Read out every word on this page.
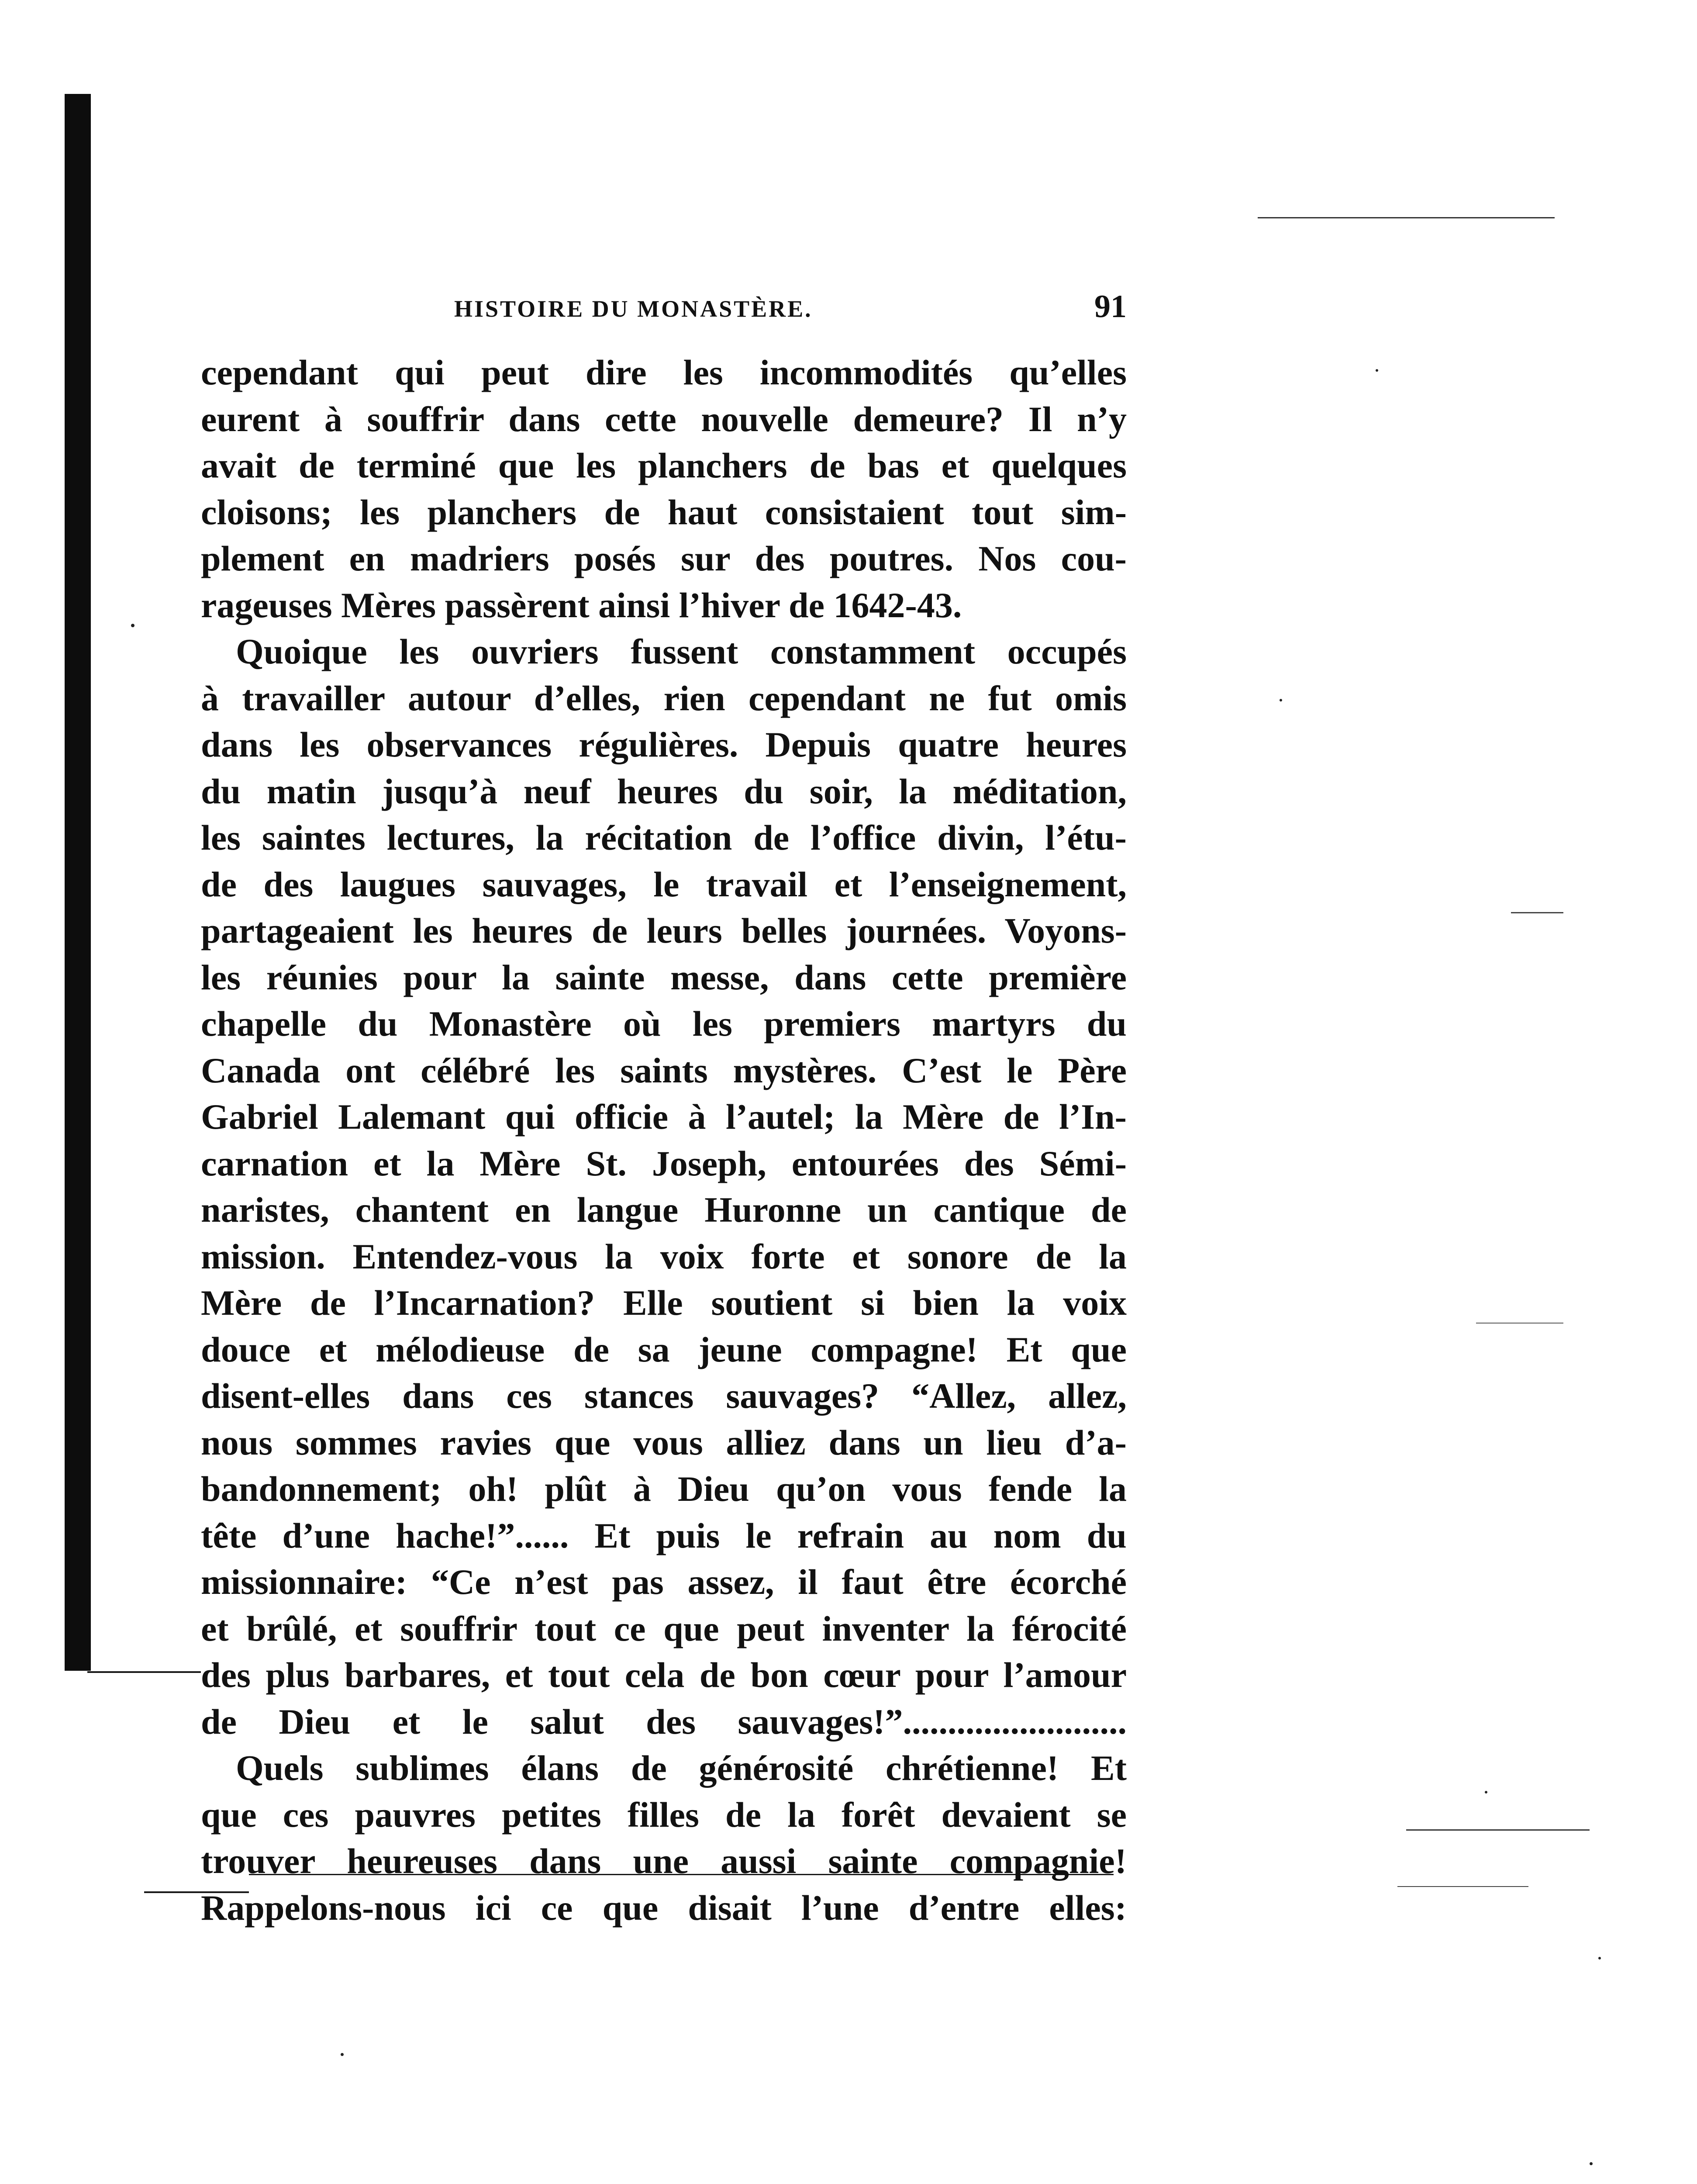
HISTOIRE DU MONASTÈRE.	91

cependant qui peut dire les incommodités qu’elles

eurent à souffrir dans cette nouvelle demeure? Il n’y

avait de terminé que les planchers de bas et quelques

cloisons; les planchers de haut consistaient tout sim-

plement en madriers posés sur des poutres. Nos cou-

rageuses Mères passèrent ainsi l’hiver de 1642-43.

Quoique les ouvriers fussent constamment occupés

à travailler autour d’elles, rien cependant ne fut omis

dans les observances régulières. Depuis quatre heures

du matin jusqu’à neuf heures du soir, la méditation,

les saintes lectures, la récitation de l’office divin, l’étu-

de des laugues sauvages, le travail et l’enseignement,

partageaient les heures de leurs belles journées. Voyons-

les réunies pour la sainte messe, dans cette première

chapelle du Monastère où les premiers martyrs du

Canada ont célébré les saints mystères. C’est le Père

Gabriel Lalemant qui officie à l’autel; la Mère de l’In-

carnation et la Mère St. Joseph, entourées des Sémi-

naristes, chantent en langue Huronne un cantique de

mission. Entendez-vous la voix forte et sonore de la

Mère de l’Incarnation? Elle soutient si bien la voix

douce et mélodieuse de sa jeune compagne! Et que

disent-elles dans ces stances sauvages? “Allez, allez,

nous sommes ravies que vous alliez dans un lieu d’a-

bandonnement; oh! plût à Dieu qu’on vous fende la

tête d’une hache!”...... Et puis le refrain au nom du

missionnaire: “Ce n’est pas assez, il faut être écorché

et brûlé, et souffrir tout ce que peut inventer la férocité

des plus barbares, et tout cela de bon cœur pour l’amour

de Dieu et le salut des sauvages!”.........................

Quels sublimes élans de générosité chrétienne! Et

que ces pauvres petites filles de la forêt devaient se

trouver heureuses dans une aussi sainte compagnie!

Rappelons-nous ici ce que disait l’une d’entre elles:
